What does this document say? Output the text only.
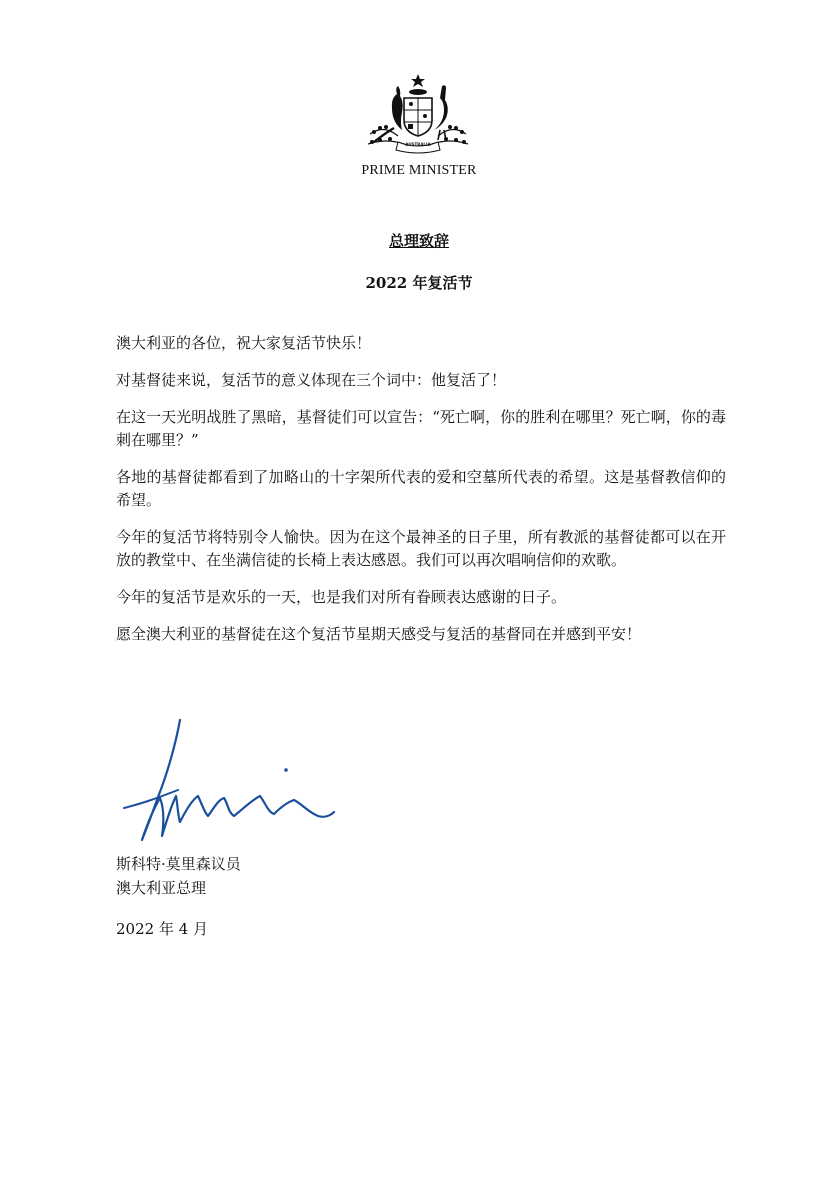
AUSTRALIA
PRIME MINISTER
总理致辞
2022 年复活节

澳大利亚的各位，祝大家复活节快乐！

对基督徒来说，复活节的意义体现在三个词中：他复活了！

在这一天光明战胜了黑暗，基督徒们可以宣告：“死亡啊，你的胜利在哪里？死亡啊，你的毒刺在哪里？”

各地的基督徒都看到了加略山的十字架所代表的爱和空墓所代表的希望。这是基督教信仰的希望。

今年的复活节将特别令人愉快。因为在这个最神圣的日子里，所有教派的基督徒都可以在开放的教堂中、在坐满信徒的长椅上表达感恩。我们可以再次唱响信仰的欢歌。

今年的复活节是欢乐的一天，也是我们对所有眷顾表达感谢的日子。

愿全澳大利亚的基督徒在这个复活节星期天感受与复活的基督同在并感到平安！

斯科特·莫里森议员
澳大利亚总理
2022 年 4 月
